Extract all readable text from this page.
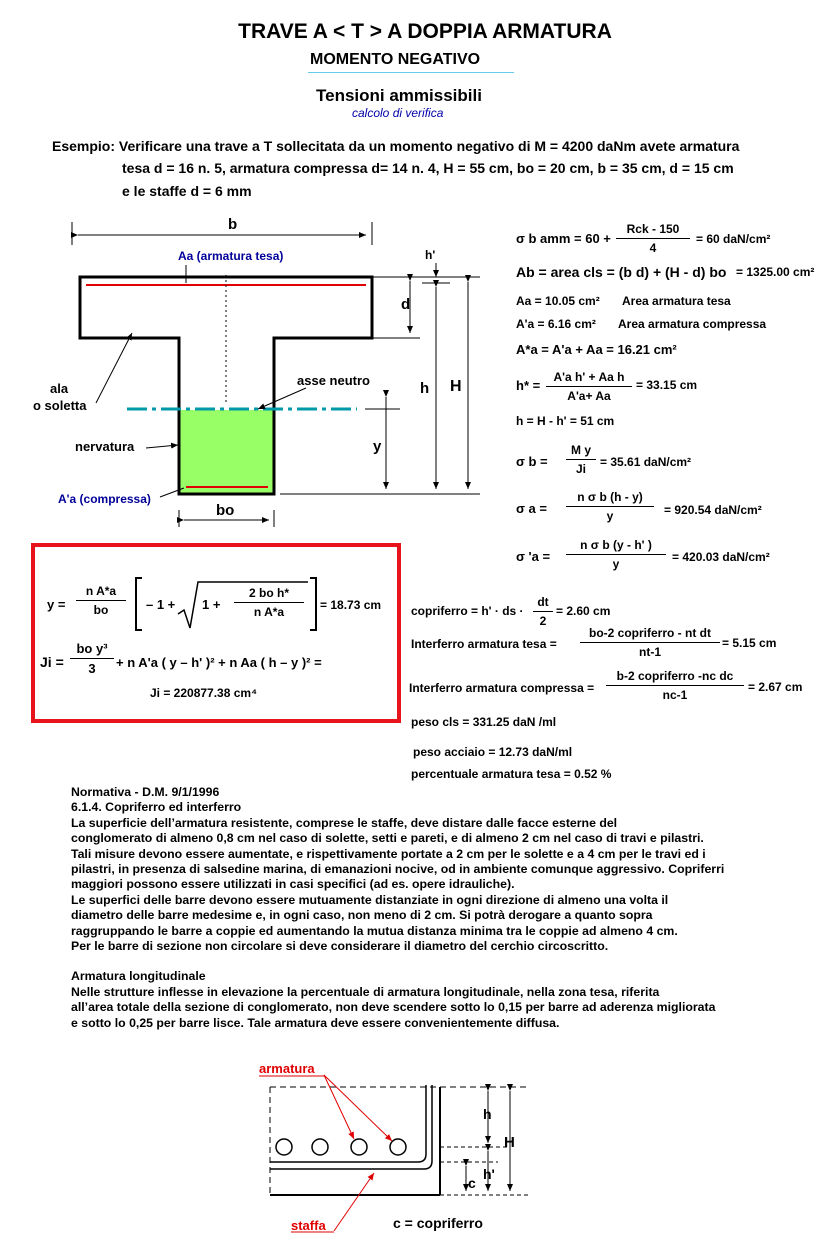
TRAVE A < T > A DOPPIA ARMATURA
MOMENTO NEGATIVO
Tensioni ammissibili
calcolo di verifica
Esempio: Verificare una trave a T sollecitata da un momento negativo di M = 4200 daNm avete armatura
tesa d = 16 n. 5, armatura compressa d= 14 n. 4, H = 55 cm, bo = 20 cm, b = 35 cm, d = 15 cm
e le staffe d = 6 mm
b
Aa (armatura tesa)
ala
o soletta
asse neutro
nervatura
A'a (compressa)
bo
h'
d
h H
y
σ b amm = 60 +
Rck - 150
4
= 60 daN/cm²
Ab = area cls = (b d) + (H - d) bo = 1325.00 cm²
Aa = 10.05 cm² Area armatura tesa
A'a = 6.16 cm² Area armatura compressa
A*a = A'a + Aa = 16.21 cm²
h* =
A'a h' + Aa h
A'a+ Aa
= 33.15 cm
h = H - h' = 51 cm
σ b =
M y
Ji	= 35.61 daN/cm²
σ a =
n σ b (h - y)
y	= 920.54 daN/cm²
σ 'a =
n σ b (y - h' )
y	= 420.03 daN/cm²
y =
n A*a
bo	– 1 + 1 +
2 bo h*
n A*a	= 18.73 cm
Ji =
bo y³
3	+ n A'a ( y – h' )² + n Aa ( h – y )² =
Ji = 220877.38 cm⁴
copriferro = h' · ds ·
dt
2
= 2.60 cm
Interferro armatura tesa =
bo-2 copriferro - nt dt
nt-1
= 5.15 cm
Interferro armatura compressa =
b-2 copriferro -nc dc
nc-1
= 2.67 cm
peso cls = 331.25 daN /ml
peso acciaio = 12.73 daN/ml
percentuale armatura tesa = 0.52 %
Normativa - D.M. 9/1/1996
6.1.4. Copriferro ed interferro
La superficie dell’armatura resistente, comprese le staffe, deve distare dalle facce esterne del
conglomerato di almeno 0,8 cm nel caso di solette, setti e pareti, e di almeno 2 cm nel caso di travi e pilastri.
Tali misure devono essere aumentate, e rispettivamente portate a 2 cm per le solette e a 4 cm per le travi ed i
pilastri, in presenza di salsedine marina, di emanazioni nocive, od in ambiente comunque aggressivo. Copriferri
maggiori possono essere utilizzati in casi specifici (ad es. opere idrauliche).
Le superfici delle barre devono essere mutuamente distanziate in ogni direzione di almeno una volta il
diametro delle barre medesime e, in ogni caso, non meno di 2 cm. Si potrà derogare a quanto sopra
raggruppando le barre a coppie ed aumentando la mutua distanza minima tra le coppie ad almeno 4 cm.
Per le barre di sezione non circolare si deve considerare il diametro del cerchio circoscritto.
Armatura longitudinale
Nelle strutture inflesse in elevazione la percentuale di armatura longitudinale, nella zona tesa, riferita
all’area totale della sezione di conglomerato, non deve scendere sotto lo 0,15 per barre ad aderenza migliorata
e sotto lo 0,25 per barre lisce. Tale armatura deve essere convenientemente diffusa.
armatura
staffa
h
h'
H
c
c = copriferro
